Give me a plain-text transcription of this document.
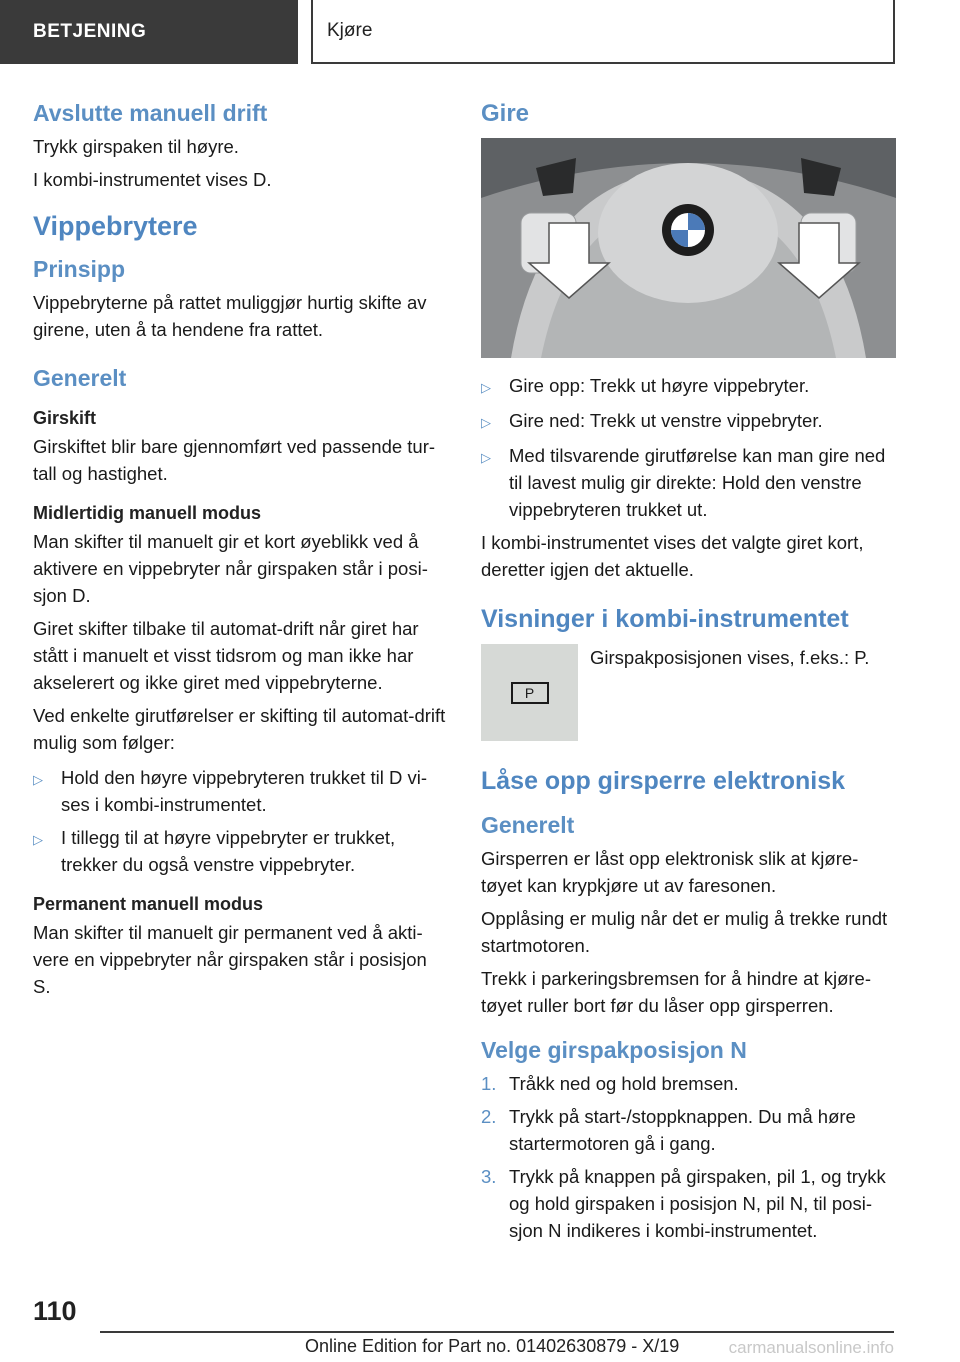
BETJENING	Kjøre
Avslutte manuell drift

Trykk girspaken til høyre.

I kombi-instrumentet vises D.

Vippebrytere
Prinsipp

Vippebryterne på rattet muliggjør hurtig skifte av girene, uten å ta hendene fra rattet.

Generelt
Girskift

Girskiftet blir bare gjennomført ved passende tur-tall og hastighet.

Midlertidig manuell modus

Man skifter til manuelt gir et kort øyeblikk ved å aktivere en vippebryter når girspaken står i posi-sjon D.

Giret skifter tilbake til automat-drift når giret har stått i manuelt et visst tidsrom og man ikke har akselerert og ikke giret med vippebryterne.

Ved enkelte girutførelser er skifting til automat-drift mulig som følger:

▷ Hold den høyre vippebryteren trukket til D vi-ses i kombi-instrumentet.
▷ I tillegg til at høyre vippebryter er trukket, trekker du også venstre vippebryter.
Permanent manuell modus

Man skifter til manuelt gir permanent ved å akti-vere en vippebryter når girspaken står i posisjon S.

Gire
▷ Gire opp: Trekk ut høyre vippebryter.
▷ Gire ned: Trekk ut venstre vippebryter.
▷ Med tilsvarende girutførelse kan man gire ned til lavest mulig gir direkte: Hold den venstre vippebryteren trukket ut.

I kombi-instrumentet vises det valgte giret kort, deretter igjen det aktuelle.

Visninger i kombi-instrumentet
P

Girspakposisjonen vises, f.eks.: P.

Låse opp girsperre elektronisk
Generelt

Girsperren er låst opp elektronisk slik at kjøre-tøyet kan krypkjøre ut av faresonen.

Opplåsing er mulig når det er mulig å trekke rundt startmotoren.

Trekk i parkeringsbremsen for å hindre at kjøre-tøyet ruller bort før du låser opp girsperren.

Velge girspakposisjon N
1. Tråkk ned og hold bremsen.
2. Trykk på start-/stoppknappen. Du må høre startermotoren gå i gang.
3. Trykk på knappen på girspaken, pil 1, og trykk og hold girspaken i posisjon N, pil N, til posi-sjon N indikeres i kombi-instrumentet.
110
Online Edition for Part no. 01402630879 - X/19	carmanualsonline.info
